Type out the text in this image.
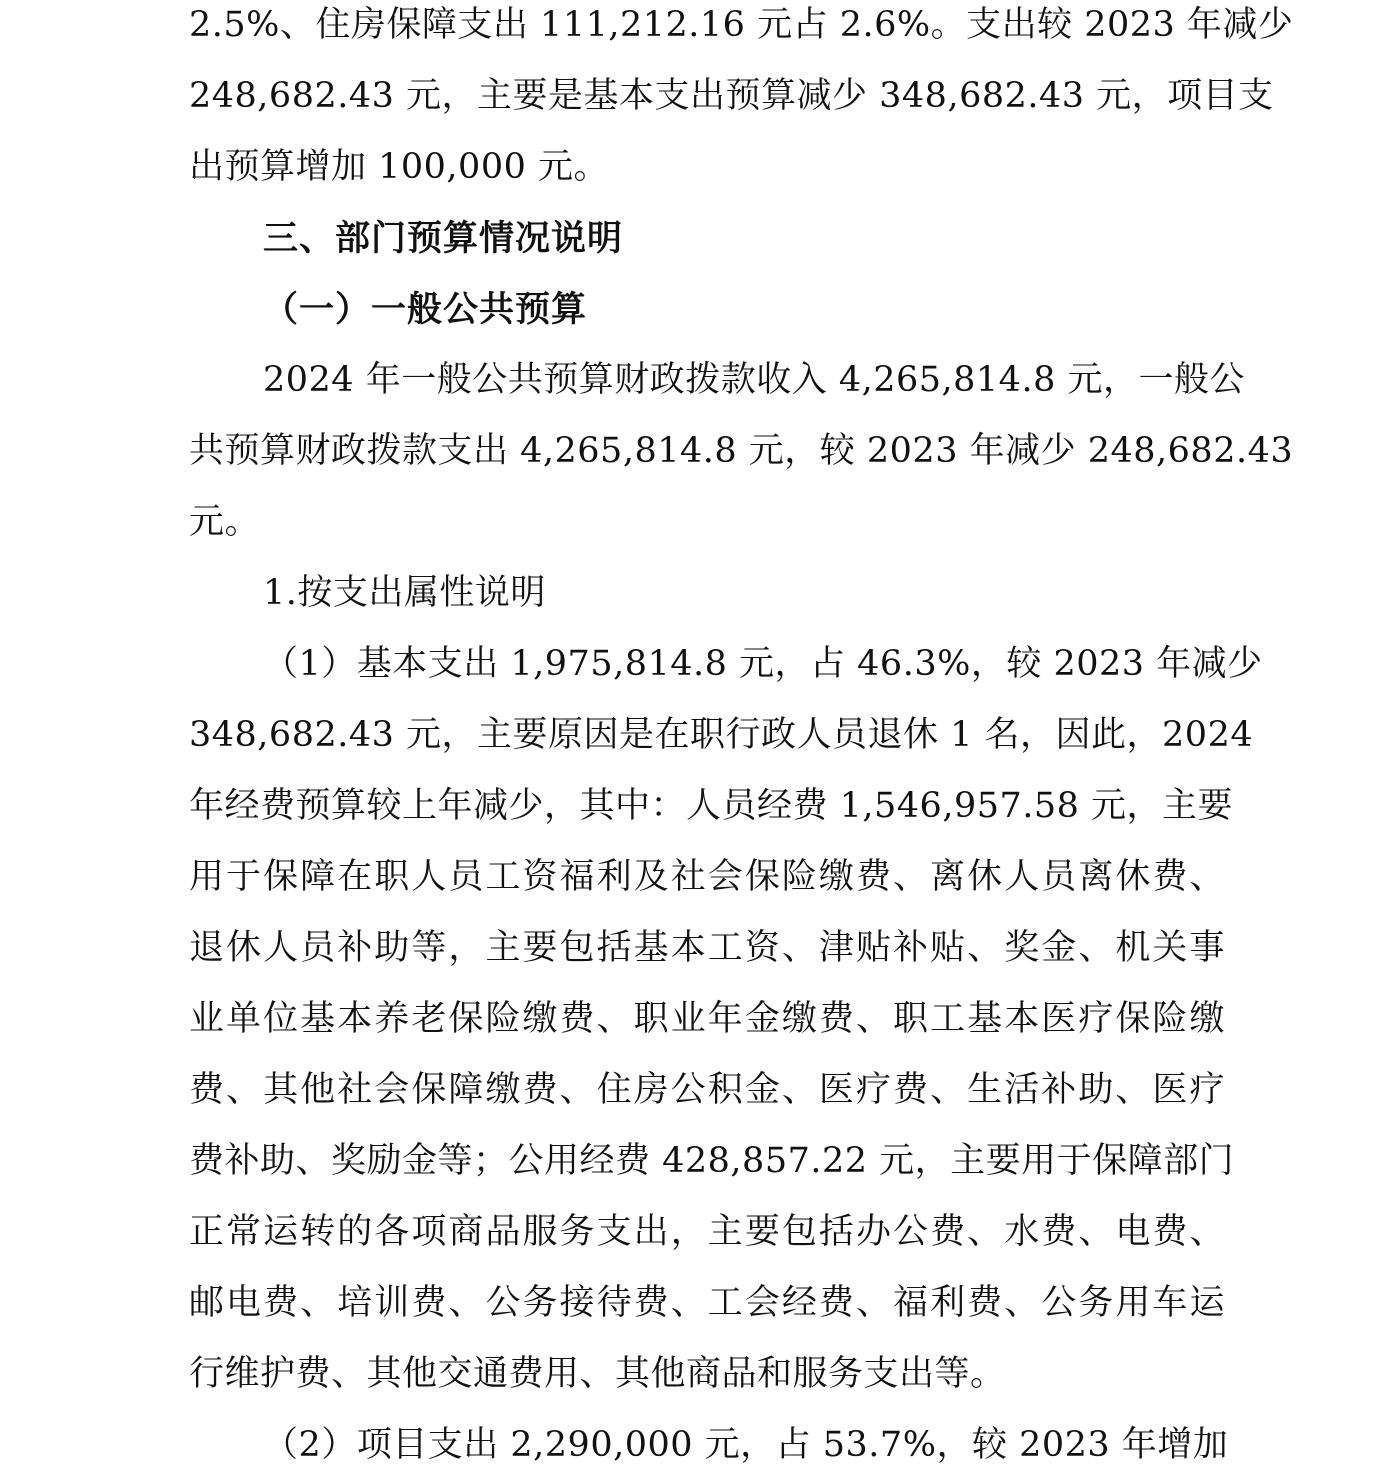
2.5%、住房保障支出 111,212.16 元占 2.6%。支出较 2023 年减少
248,682.43 元，主要是基本支出预算减少 348,682.43 元，项目支
出预算增加 100,000 元。
三、部门预算情况说明
（一）一般公共预算
2024 年一般公共预算财政拨款收入 4,265,814.8 元，一般公
共预算财政拨款支出 4,265,814.8 元，较 2023 年减少 248,682.43
元。
1.按支出属性说明
（1）基本支出 1,975,814.8 元，占 46.3%，较 2023 年减少
348,682.43 元，主要原因是在职行政人员退休 1 名，因此，2024
年经费预算较上年减少，其中：人员经费 1,546,957.58 元，主要
用于保障在职人员工资福利及社会保险缴费、离休人员离休费、
退休人员补助等，主要包括基本工资、津贴补贴、奖金、机关事
业单位基本养老保险缴费、职业年金缴费、职工基本医疗保险缴
费、其他社会保障缴费、住房公积金、医疗费、生活补助、医疗
费补助、奖励金等；公用经费 428,857.22 元，主要用于保障部门
正常运转的各项商品服务支出，主要包括办公费、水费、电费、
邮电费、培训费、公务接待费、工会经费、福利费、公务用车运
行维护费、其他交通费用、其他商品和服务支出等。
（2）项目支出 2,290,000 元，占 53.7%，较 2023 年增加
